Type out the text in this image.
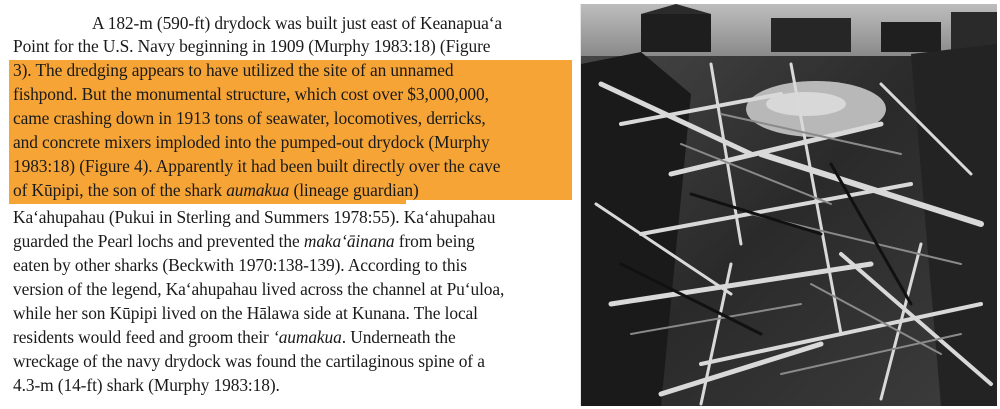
A 182-m (590-ft) drydock was built just east of Keanapua‘a
Point for the U.S. Navy beginning in 1909 (Murphy 1983:18) (Figure
3). The dredging appears to have utilized the site of an unnamed
fishpond. But the monumental structure, which cost over $3,000,000,
came crashing down in 1913 tons of seawater, locomotives, derricks,
and concrete mixers imploded into the pumped-out drydock (Murphy
1983:18) (Figure 4). Apparently it had been built directly over the cave
of Kūpipi, the son of the shark aumakua (lineage guardian)
Ka‘ahupahau (Pukui in Sterling and Summers 1978:55). Ka‘ahupahau
guarded the Pearl lochs and prevented the maka‘āinana from being
eaten by other sharks (Beckwith 1970:138-139). According to this
version of the legend, Ka‘ahupahau lived across the channel at Pu‘uloa,
while her son Kūpipi lived on the Hālawa side at Kunana. The local
residents would feed and groom their ‘aumakua. Underneath the
wreckage of the navy drydock was found the cartilaginous spine of a
4.3-m (14-ft) shark (Murphy 1983:18).
